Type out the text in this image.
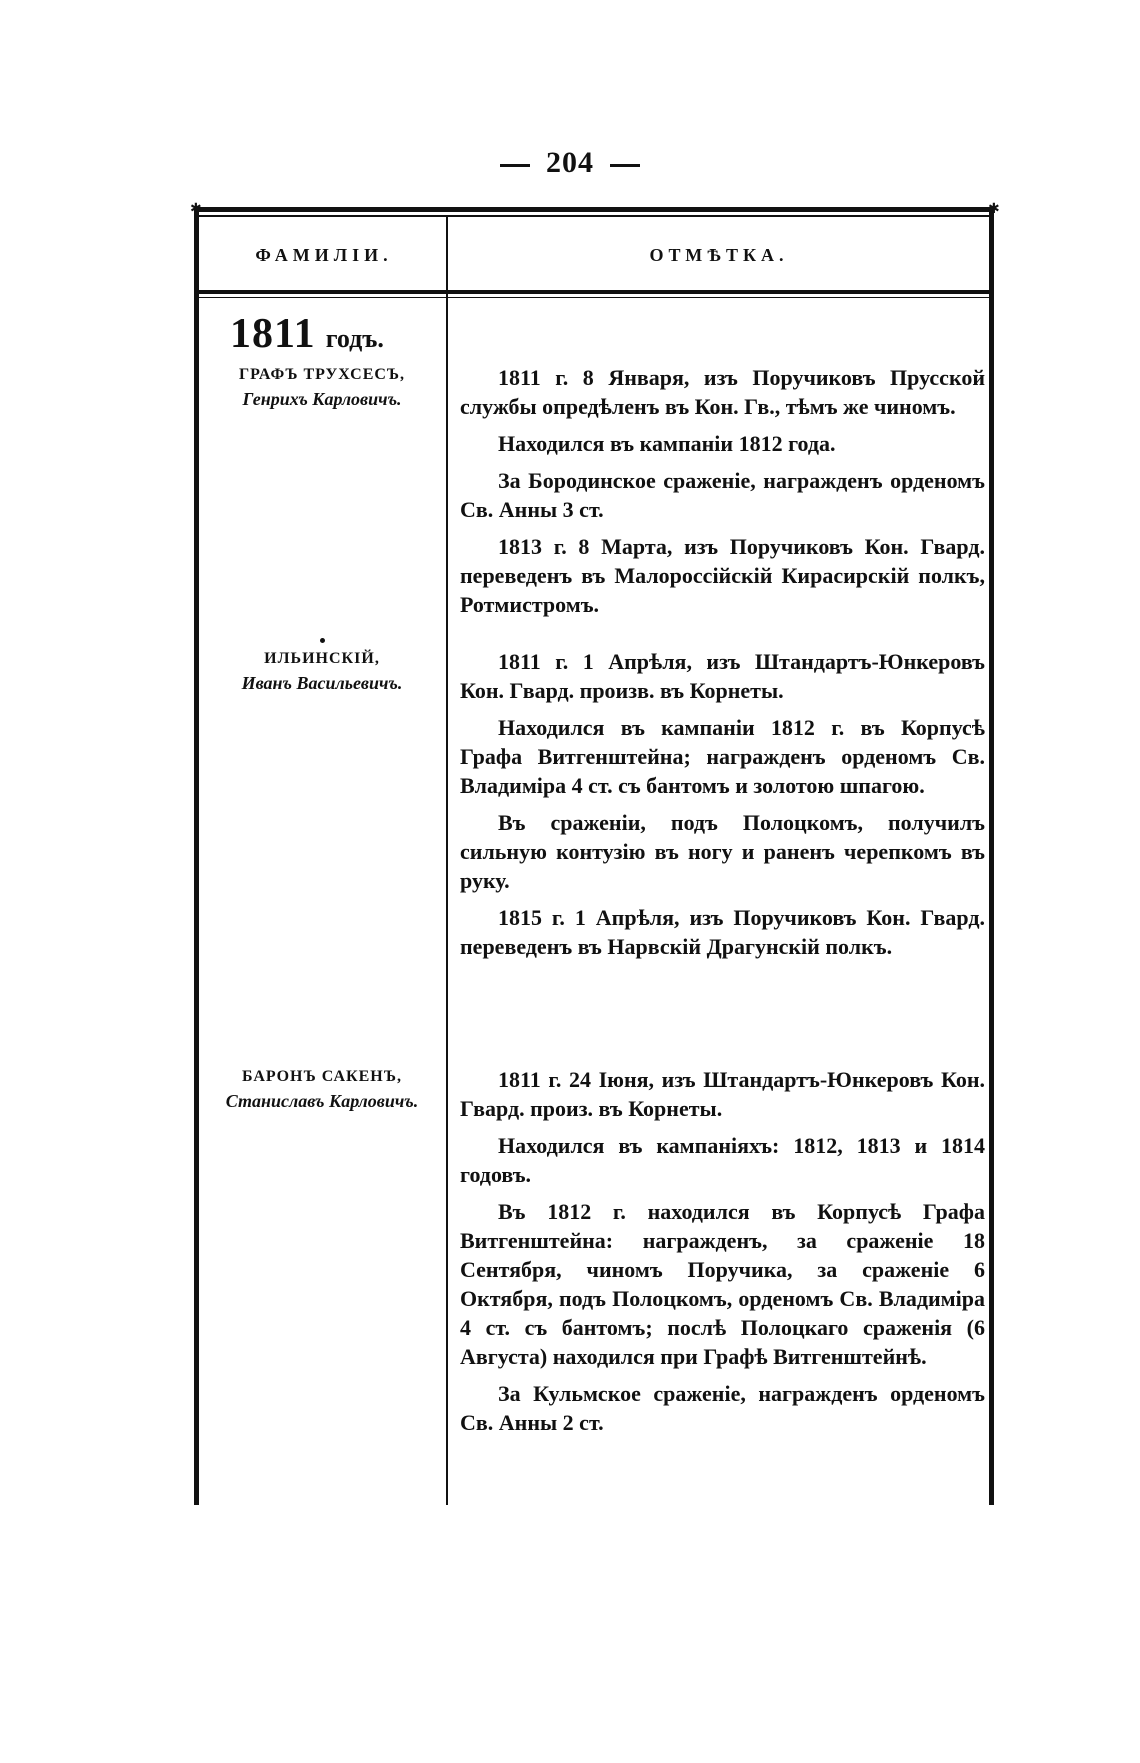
204
✱	✱
ФАМИЛІИ.	ОТМѢТКА.
1811 годъ.
ГРАФЪ ТРУХСЕСЪ,
Генрихъ Карловичъ.

1811 г. 8 Января, изъ Поручиковъ Прусской службы опредѣленъ въ Кон. Гв., тѣмъ же чиномъ.

Находился въ кампаніи 1812 года.

За Бородинское сраженіе, награжденъ орденомъ Св. Анны 3 ст.

1813 г. 8 Марта, изъ Поручиковъ Кон. Гвард. переведенъ въ Малороссійскій Кирасирскій полкъ, Ротмистромъ.

ИЛЬИНСКІЙ,
Иванъ Васильевичъ.

1811 г. 1 Апрѣля, изъ Штандартъ-Юнкеровъ Кон. Гвард. произв. въ Корнеты.

Находился въ кампаніи 1812 г. въ Корпусѣ Графа Витгенштейна; награжденъ орденомъ Св. Владиміра 4 ст. съ бантомъ и золотою шпагою.

Въ сраженіи, подъ Полоцкомъ, получилъ сильную контузію въ ногу и раненъ черепкомъ въ руку.

1815 г. 1 Апрѣля, изъ Поручиковъ Кон. Гвард. переведенъ въ Нарвскій Драгунскій полкъ.

БАРОНЪ САКЕНЪ,
Станиславъ Карловичъ.

1811 г. 24 Іюня, изъ Штандартъ-Юнкеровъ Кон. Гвард. произ. въ Корнеты.

Находился въ кампаніяхъ: 1812, 1813 и 1814 годовъ.

Въ 1812 г. находился въ Корпусѣ Графа Витгенштейна: награжденъ, за сраженіе 18 Сентября, чиномъ Поручика, за сраженіе 6 Октября, подъ Полоцкомъ, орденомъ Св. Владиміра 4 ст. съ бантомъ; послѣ Полоцкаго сраженія (6 Августа) находился при Графѣ Витгенштейнѣ.

За Кульмское сраженіе, награжденъ орденомъ Св. Анны 2 ст.
